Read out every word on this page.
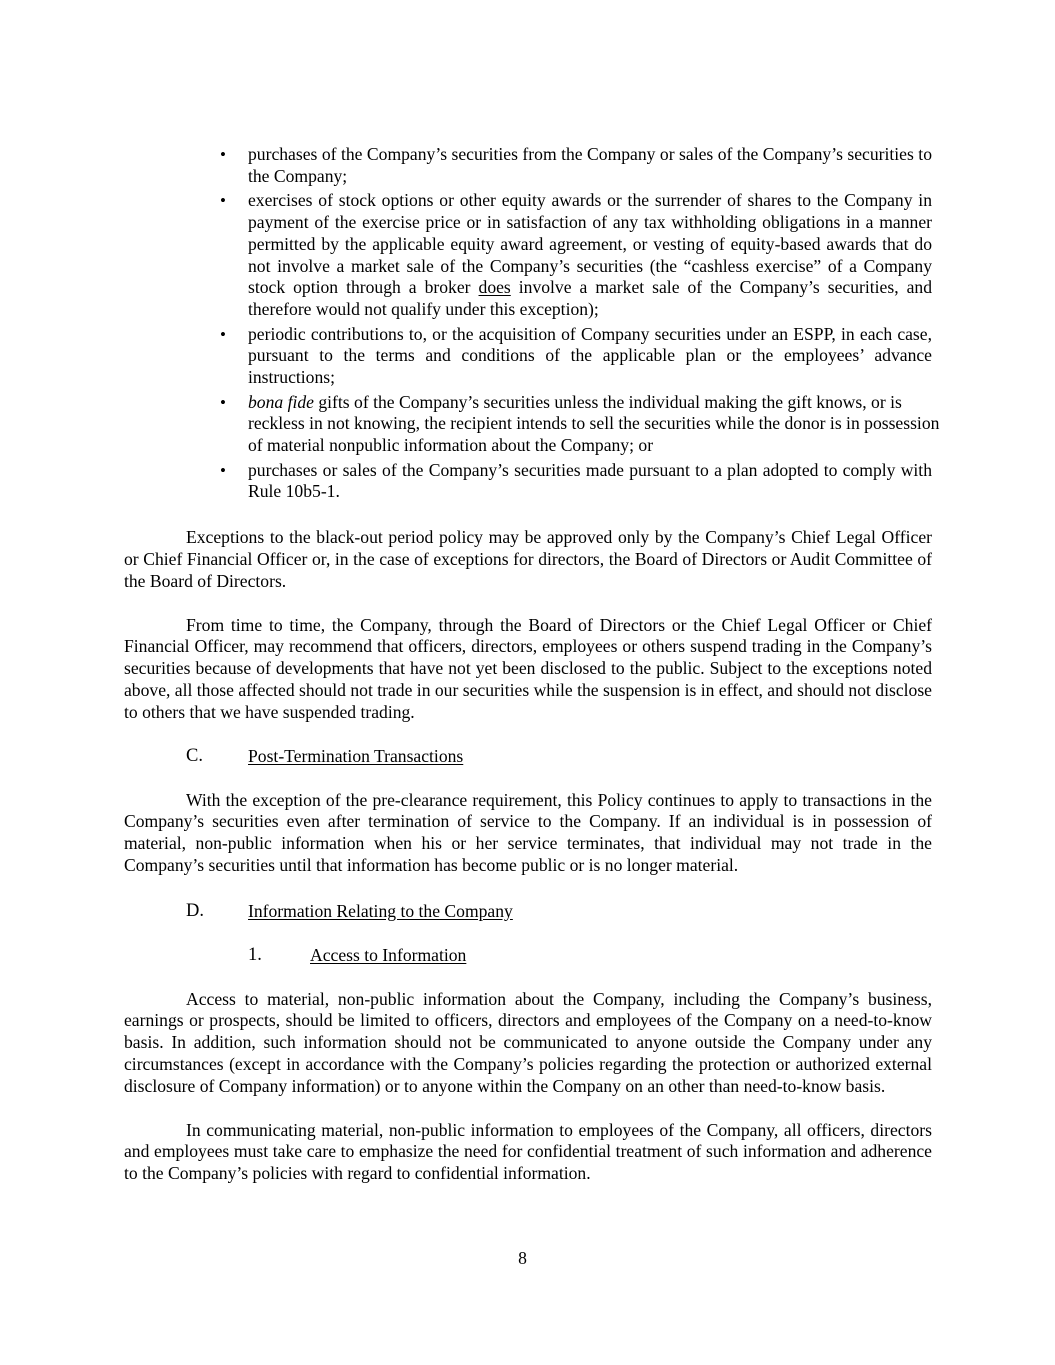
• purchases of the Company’s securities from the Company or sales of the Company’s securities to the Company;
• exercises of stock options or other equity awards or the surrender of shares to the Company in payment of the exercise price or in satisfaction of any tax withholding obligations in a manner permitted by the applicable equity award agreement, or vesting of equity-based awards that do not involve a market sale of the Company’s securities (the “cashless exercise” of a Company stock option through a broker does involve a market sale of the Company’s securities, and therefore would not qualify under this exception);
• periodic contributions to, or the acquisition of Company securities under an ESPP, in each case, pursuant to the terms and conditions of the applicable plan or the employees’ advance instructions;
• bona fide gifts of the Company’s securities unless the individual making the gift knows, or is reckless in not knowing, the recipient intends to sell the securities while the donor is in possession of material nonpublic information about the Company; or
• purchases or sales of the Company’s securities made pursuant to a plan adopted to comply with Rule 10b5-1.

Exceptions to the black-out period policy may be approved only by the Company’s Chief Legal Officer or Chief Financial Officer or, in the case of exceptions for directors, the Board of Directors or Audit Committee of the Board of Directors.

From time to time, the Company, through the Board of Directors or the Chief Legal Officer or Chief Financial Officer, may recommend that officers, directors, employees or others suspend trading in the Company’s securities because of developments that have not yet been disclosed to the public. Subject to the exceptions noted above, all those affected should not trade in our securities while the suspension is in effect, and should not disclose to others that we have suspended trading.

C.	Post-Termination Transactions

With the exception of the pre-clearance requirement, this Policy continues to apply to transactions in the Company’s securities even after termination of service to the Company. If an individual is in possession of material, non-public information when his or her service terminates, that individual may not trade in the Company’s securities until that information has become public or is no longer material.

D.	Information Relating to the Company
1.	Access to Information

Access to material, non-public information about the Company, including the Company’s business, earnings or prospects, should be limited to officers, directors and employees of the Company on a need-to-know basis. In addition, such information should not be communicated to anyone outside the Company under any circumstances (except in accordance with the Company’s policies regarding the protection or authorized external disclosure of Company information) or to anyone within the Company on an other than need-to-know basis.

In communicating material, non-public information to employees of the Company, all officers, directors and employees must take care to emphasize the need for confidential treatment of such information and adherence to the Company’s policies with regard to confidential information.

8
